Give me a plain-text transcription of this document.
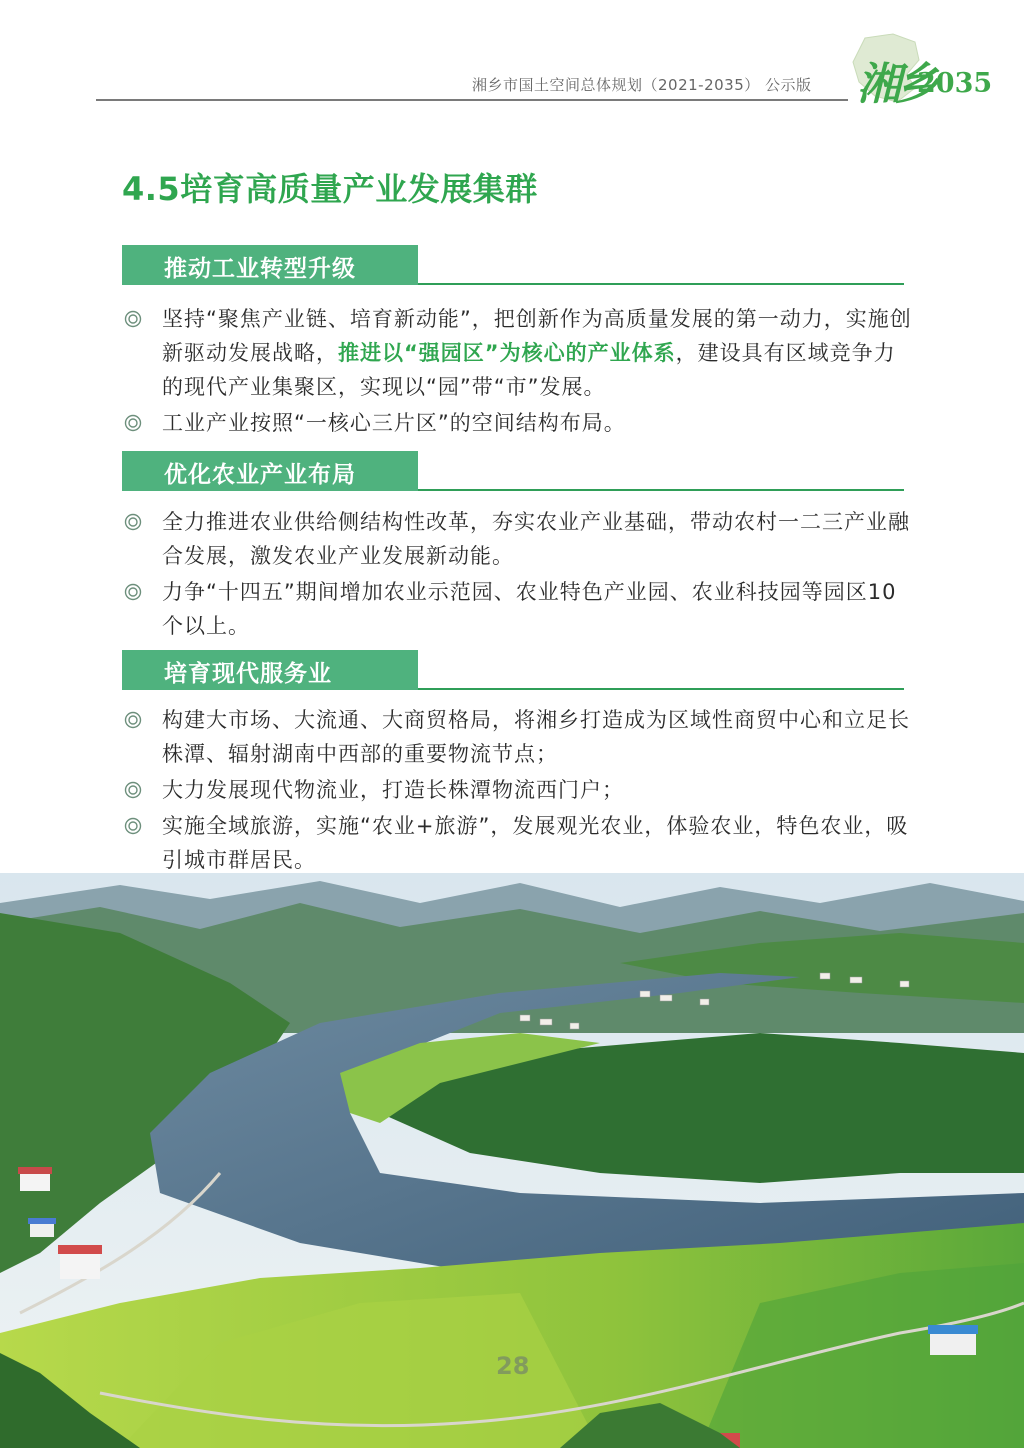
湘乡市国土空间总体规划（2021-2035） 公示版 湘乡
2035
4.5培育高质量产业发展集群
推动工业转型升级
坚持“聚焦产业链、培育新动能”，把创新作为高质量发展的第一动力，实施创新驱动发展战略，推进以“强园区”为核心的产业体系，建设具有区域竞争力的现代产业集聚区，实现以“园”带“市”发展。
工业产业按照“一核心三片区”的空间结构布局。
优化农业产业布局
全力推进农业供给侧结构性改革，夯实农业产业基础，带动农村一二三产业融合发展，激发农业产业发展新动能。
力争“十四五”期间增加农业示范园、农业特色产业园、农业科技园等园区10个以上。
培育现代服务业
构建大市场、大流通、大商贸格局，将湘乡打造成为区域性商贸中心和立足长株潭、辐射湖南中西部的重要物流节点；
大力发展现代物流业，打造长株潭物流西门户；
实施全域旅游，实施“农业+旅游”，发展观光农业，体验农业，特色农业，吸引城市群居民。
28
